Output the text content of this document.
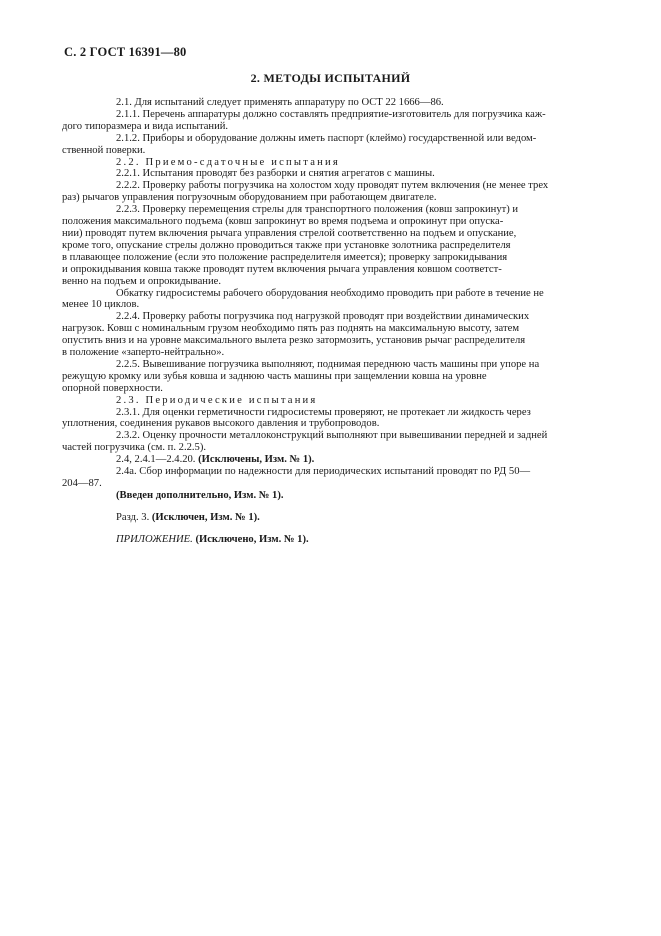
С. 2 ГОСТ 16391—80
2. МЕТОДЫ ИСПЫТАНИЙ

2.1. Для испытаний следует применять аппаратуру по ОСТ 22 1666—86.

2.1.1. Перечень аппаратуры должно составлять предприятие-изготовитель для погрузчика каж-

дого типоразмера и вида испытаний.

2.1.2. Приборы и оборудование должны иметь паспорт (клеймо) государственной или ведом-

ственной поверки.

2.2. Приемо-сдаточные испытания

2.2.1. Испытания проводят без разборки и снятия агрегатов с машины.

2.2.2. Проверку работы погрузчика на холостом ходу проводят путем включения (не менее трех

раз) рычагов управления погрузочным оборудованием при работающем двигателе.

2.2.3. Проверку перемещения стрелы для транспортного положения (ковш запрокинут) и

положения максимального подъема (ковш запрокинут во время подъема и опрокинут при опуска-

нии) проводят путем включения рычага управления стрелой соответственно на подъем и опускание,

кроме того, опускание стрелы должно проводиться также при установке золотника распределителя

в плавающее положение (если это положение распределителя имеется); проверку запрокидывания

и опрокидывания ковша также проводят путем включения рычага управления ковшом соответст-

венно на подъем и опрокидывание.

Обкатку гидросистемы рабочего оборудования необходимо проводить при работе в течение не

менее 10 циклов.

2.2.4. Проверку работы погрузчика под нагрузкой проводят при воздействии динамических

нагрузок. Ковш с номинальным грузом необходимо пять раз поднять на максимальную высоту, затем

опустить вниз и на уровне максимального вылета резко затормозить, установив рычаг распределителя

в положение «заперто-нейтрально».

2.2.5. Вывешивание погрузчика выполняют, поднимая переднюю часть машины при упоре на

режущую кромку или зубья ковша и заднюю часть машины при защемлении ковша на уровне

опорной поверхности.

2.3. Периодические испытания

2.3.1. Для оценки герметичности гидросистемы проверяют, не протекает ли жидкость через

уплотнения, соединения рукавов высокого давления и трубопроводов.

2.3.2. Оценку прочности металлоконструкций выполняют при вывешивании передней и задней

частей погрузчика (см. п. 2.2.5).

2.4, 2.4.1—2.4.20. (Исключены, Изм. № 1).

2.4а. Сбор информации по надежности для периодических испытаний проводят по РД 50—

204—87.

(Введен дополнительно, Изм. № 1).

Разд. 3. (Исключен, Изм. № 1).

ПРИЛОЖЕНИЕ. (Исключено, Изм. № 1).
